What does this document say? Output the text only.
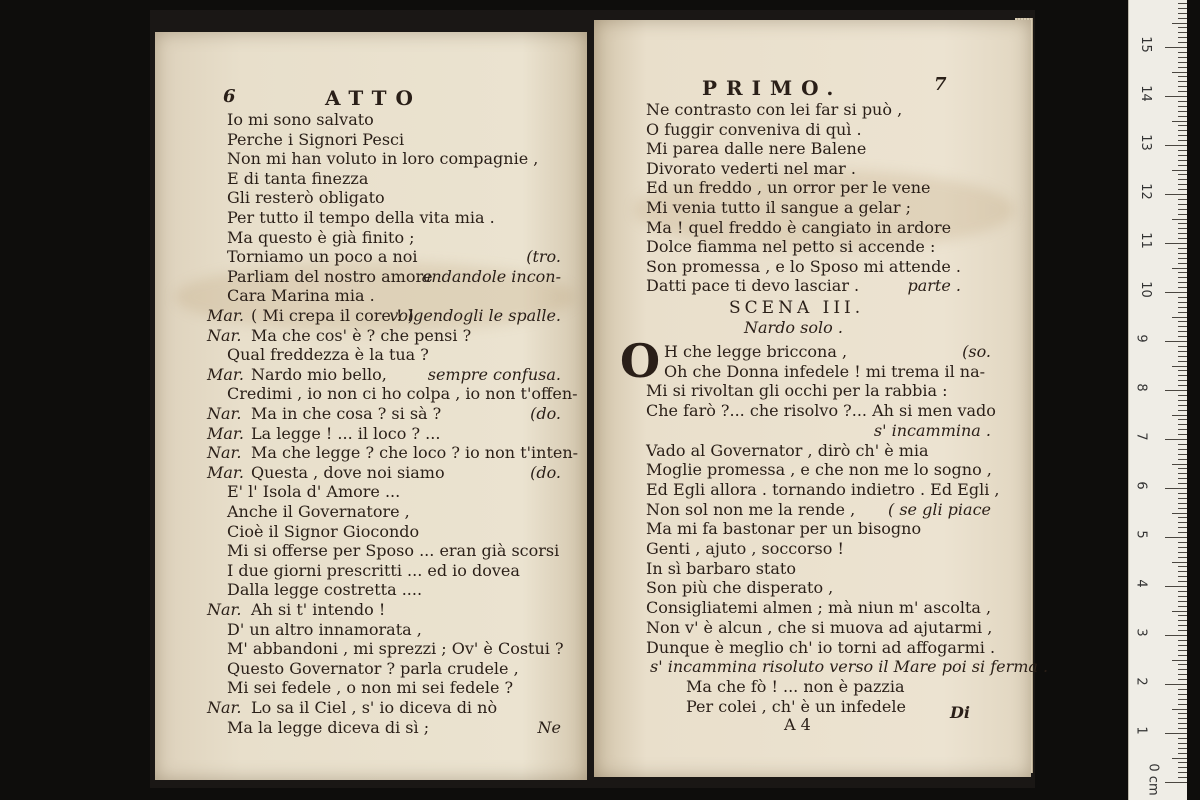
6	ATTO
Io mi sono salvato
Perche i Signori Pesci
Non mi han voluto in loro compagnie ,
E di tanta finezza
Gli resterò obligato
Per tutto il tempo della vita mia .
Ma questo è già finito ;
Torniamo un poco a noi	(tro.
Parliam del nostro amore
andandole incon-
Cara Marina mia .
Mar. ( Mi crepa il core ! )
volgendogli le spalle.
Nar. Ma che cos' è ? che pensi ?
Qual freddezza è la tua ?
Mar. Nardo mio bello,	sempre confusa.
Credimi , io non ci ho colpa , io non t'offen-
Nar. Ma in che cosa ? si sà ?	(do.
Mar. La legge ! ... il loco ? ...
Nar. Ma che legge ? che loco ? io non t'inten-
Mar. Questa , dove noi siamo	(do.
E' l' Isola d' Amore ...
Anche il Governatore ,
Cioè il Signor Giocondo
Mi si offerse per Sposo ... eran già scorsi
I due giorni prescritti ... ed io dovea
Dalla legge costretta ....
Nar. Ah si t' intendo !
D' un altro innamorata ,
M' abbandoni , mi sprezzi ; Ov' è Costui ?
Questo Governator ? parla crudele ,
Mi sei fedele , o non mi sei fedele ?
Nar. Lo sa il Ciel , s' io diceva di nò
Ma la legge diceva di sì ;	Ne
PRIMO.	7
Ne contrasto con lei far si può ,
O fuggir conveniva di quì .
Mi parea dalle nere Balene
Divorato vederti nel mar .
Ed un freddo , un orror per le vene
Mi venia tutto il sangue a gelar ;
Ma ! quel freddo è cangiato in ardore
Dolce fiamma nel petto si accende :
Son promessa , e lo Sposo mi attende .
Datti pace ti devo lasciar .	parte .
SCENA III.
Nardo solo .
O H che legge briccona ,	(so.
Oh che Donna infedele ! mi trema il na-
Mi si rivoltan gli occhi per la rabbia :
Che farò ?... che risolvo ?... Ah si men vado
s' incammina .
Vado al Governator , dirò ch' è mia
Moglie promessa , e che non me lo sogno ,
Ed Egli allora . tornando indietro . Ed Egli ,
Non sol non me la rende , ( se gli piace
Ma mi fa bastonar per un bisogno
Genti , ajuto , soccorso !
In sì barbaro stato
Son più che disperato ,
Consigliatemi almen ; mà niun m' ascolta ,
Non v' è alcun , che si muova ad ajutarmi ,
Dunque è meglio ch' io torni ad affogarmi .
s' incammina risoluto verso il Mare poi si ferma .
Ma che fò ! ... non è pazzia
Per colei , ch' è un infedele
A 4
Di
0 cm
1
2
3
4
5
6
7
8
9
10
11
12
13
14
15
